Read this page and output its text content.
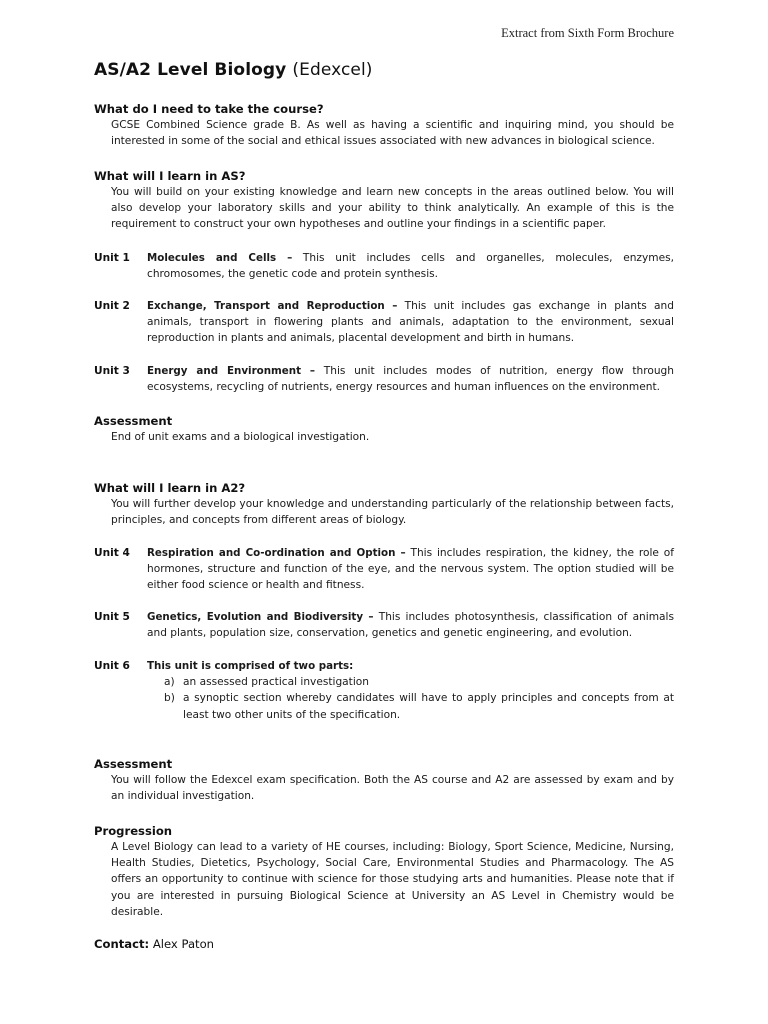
Extract from Sixth Form Brochure
AS/A2 Level Biology (Edexcel)
What do I need to take the course?
GCSE Combined Science grade B. As well as having a scientific and inquiring mind, you should be interested in some of the social and ethical issues associated with new advances in biological science.
What will I learn in AS?
You will build on your existing knowledge and learn new concepts in the areas outlined below. You will also develop your laboratory skills and your ability to think analytically. An example of this is the requirement to construct your own hypotheses and outline your findings in a scientific paper.
Unit 1	Molecules and Cells – This unit includes cells and organelles, molecules, enzymes, chromosomes, the genetic code and protein synthesis.
Unit 2	Exchange, Transport and Reproduction – This unit includes gas exchange in plants and animals, transport in flowering plants and animals, adaptation to the environment, sexual reproduction in plants and animals, placental development and birth in humans.
Unit 3	Energy and Environment – This unit includes modes of nutrition, energy flow through ecosystems, recycling of nutrients, energy resources and human influences on the environment.
Assessment
End of unit exams and a biological investigation.
What will I learn in A2?
You will further develop your knowledge and understanding particularly of the relationship between facts, principles, and concepts from different areas of biology.
Unit 4	Respiration and Co-ordination and Option – This includes respiration, the kidney, the role of hormones, structure and function of the eye, and the nervous system. The option studied will be either food science or health and fitness.
Unit 5	Genetics, Evolution and Biodiversity – This includes photosynthesis, classification of animals and plants, population size, conservation, genetics and genetic engineering, and evolution.
Unit 6	This unit is comprised of two parts:
a) an assessed practical investigation
b) a synoptic section whereby candidates will have to apply principles and concepts from at least two other units of the specification.
Assessment
You will follow the Edexcel exam specification. Both the AS course and A2 are assessed by exam and by an individual investigation.
Progression
A Level Biology can lead to a variety of HE courses, including: Biology, Sport Science, Medicine, Nursing, Health Studies, Dietetics, Psychology, Social Care, Environmental Studies and Pharmacology. The AS offers an opportunity to continue with science for those studying arts and humanities. Please note that if you are interested in pursuing Biological Science at University an AS Level in Chemistry would be desirable.
Contact: Alex Paton
